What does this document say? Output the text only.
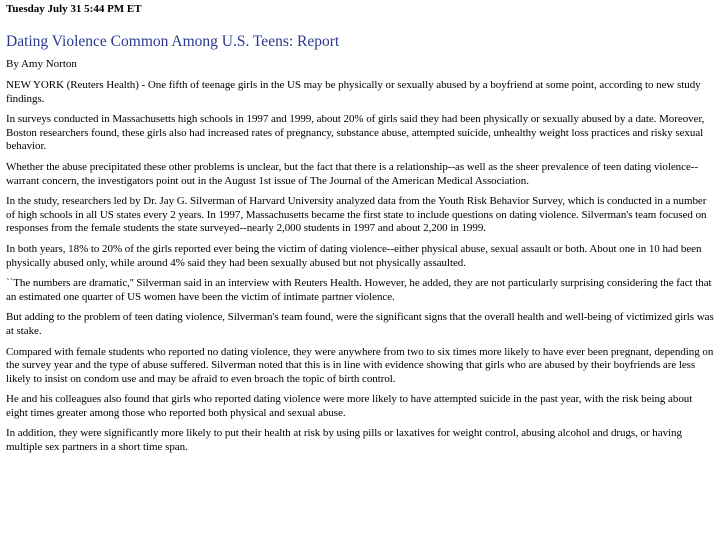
Tuesday July 31 5:44 PM ET
Dating Violence Common Among U.S. Teens: Report
By Amy Norton

NEW YORK (Reuters Health) - One fifth of teenage girls in the US may be physically or sexually abused by a boyfriend at some point, according to new study findings.

In surveys conducted in Massachusetts high schools in 1997 and 1999, about 20% of girls said they had been physically or sexually abused by a date. Moreover, Boston researchers found, these girls also had increased rates of pregnancy, substance abuse, attempted suicide, unhealthy weight loss practices and risky sexual behavior.

Whether the abuse precipitated these other problems is unclear, but the fact that there is a relationship--as well as the sheer prevalence of teen dating violence--warrant concern, the investigators point out in the August 1st issue of The Journal of the American Medical Association.

In the study, researchers led by Dr. Jay G. Silverman of Harvard University analyzed data from the Youth Risk Behavior Survey, which is conducted in a number of high schools in all US states every 2 years. In 1997, Massachusetts became the first state to include questions on dating violence. Silverman's team focused on responses from the female students the state surveyed--nearly 2,000 students in 1997 and about 2,200 in 1999.

In both years, 18% to 20% of the girls reported ever being the victim of dating violence--either physical abuse, sexual assault or both. About one in 10 had been physically abused only, while around 4% said they had been sexually abused but not physically assaulted.

``The numbers are dramatic,'' Silverman said in an interview with Reuters Health. However, he added, they are not particularly surprising considering the fact that an estimated one quarter of US women have been the victim of intimate partner violence.

But adding to the problem of teen dating violence, Silverman's team found, were the significant signs that the overall health and well-being of victimized girls was at stake.

Compared with female students who reported no dating violence, they were anywhere from two to six times more likely to have ever been pregnant, depending on the survey year and the type of abuse suffered. Silverman noted that this is in line with evidence showing that girls who are abused by their boyfriends are less likely to insist on condom use and may be afraid to even broach the topic of birth control.

He and his colleagues also found that girls who reported dating violence were more likely to have attempted suicide in the past year, with the risk being about eight times greater among those who reported both physical and sexual abuse.

In addition, they were significantly more likely to put their health at risk by using pills or laxatives for weight control, abusing alcohol and drugs, or having multiple sex partners in a short time span.
